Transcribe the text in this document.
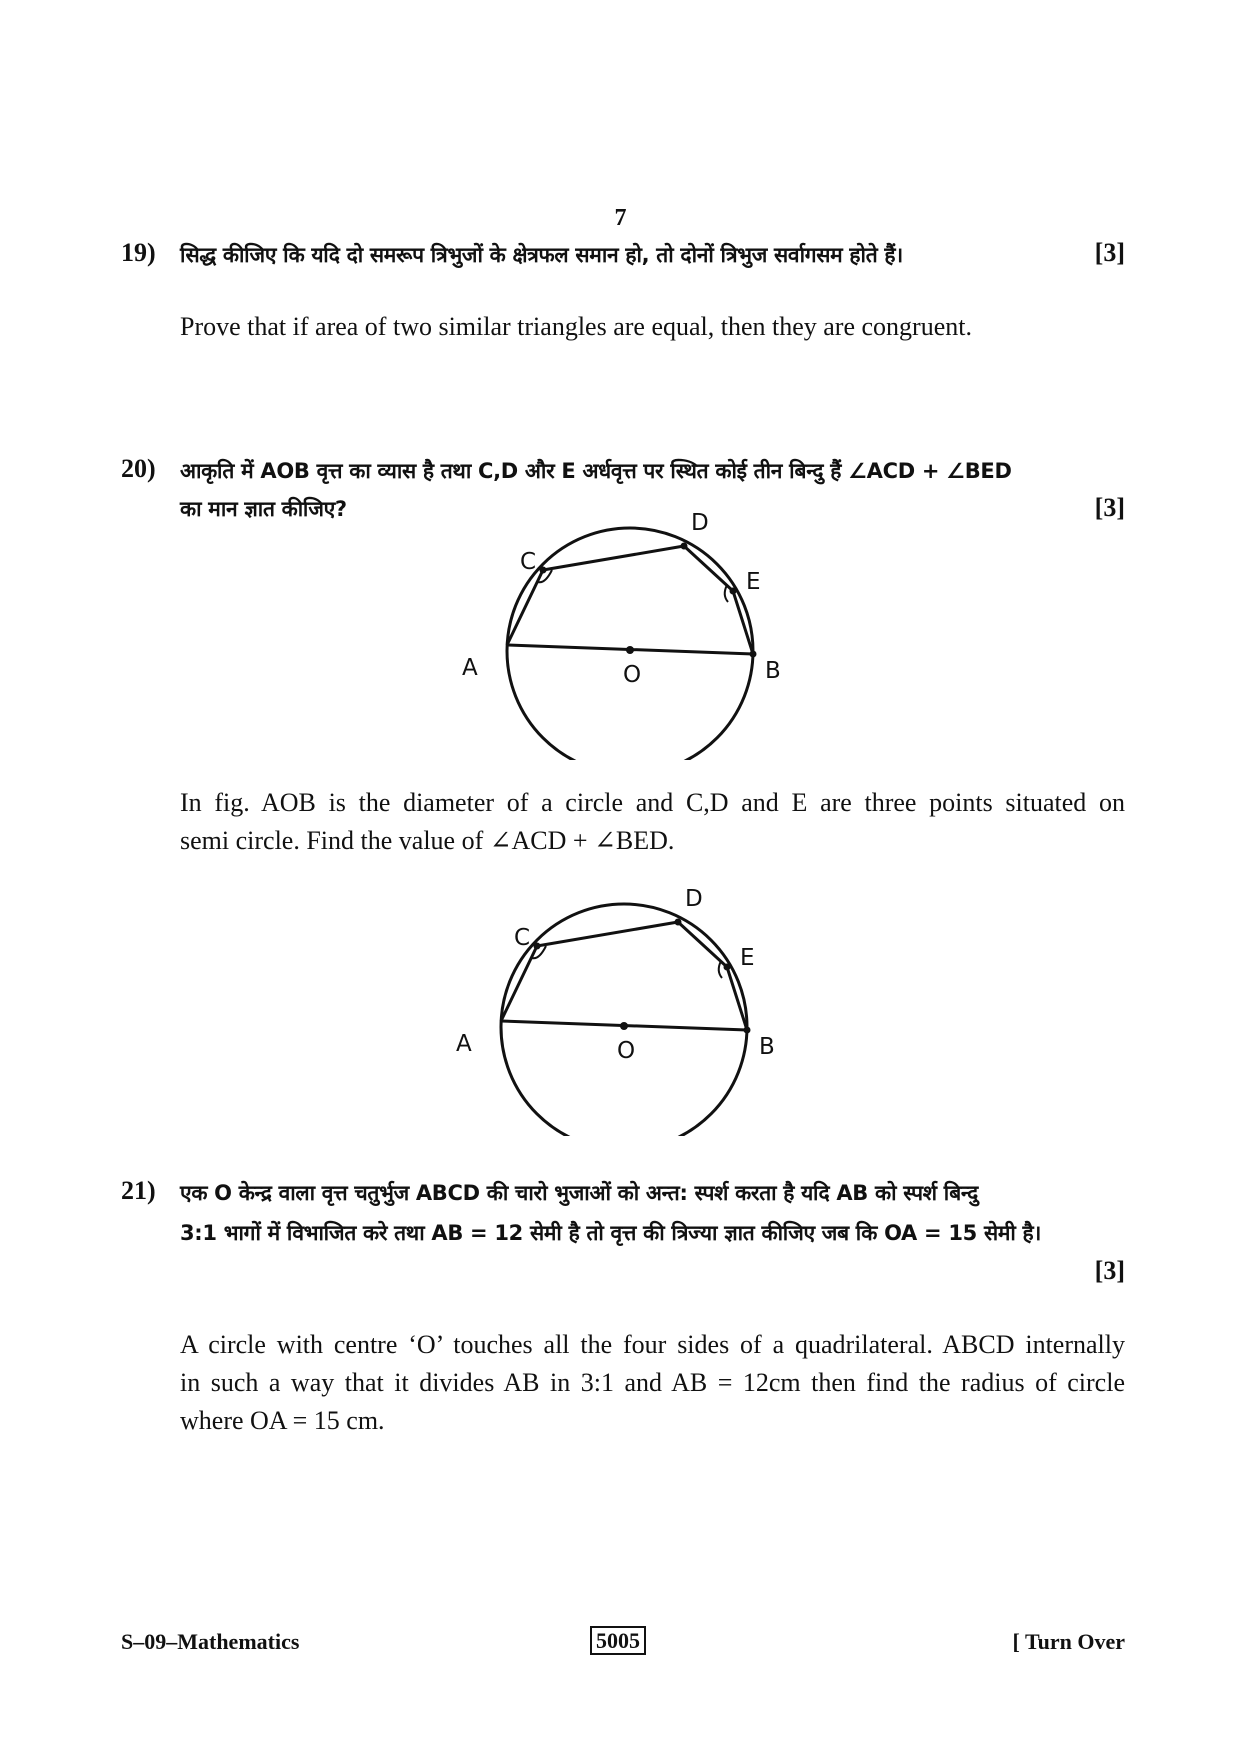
7
19) सिद्ध कीजिए कि यदि दो समरूप त्रिभुजों के क्षेत्रफल समान हो, तो दोनों त्रिभुज सर्वागसम होते हैं।	[3]
Prove that if area of two similar triangles are equal, then they are congruent.
20) आकृति में AOB वृत्त का व्यास है तथा C,D और E अर्धवृत्त पर स्थित कोई तीन बिन्दु हैं ∠ACD + ∠BED
का मान ज्ञात कीजिए?	[3]
C
D
E
A	O	B
In fig. AOB is the diameter of a circle and C,D and E are three points situated on
semi circle. Find the value of ∠ACD + ∠BED.
C
D
E
A	O	B
21) एक O केन्द्र वाला वृत्त चतुर्भुज ABCD की चारो भुजाओं को अन्त: स्पर्श करता है यदि AB को स्पर्श बिन्दु
3:1 भागों में विभाजित करे तथा AB = 12 सेमी है तो वृत्त की त्रिज्या ज्ञात कीजिए जब कि OA = 15 सेमी है।
[3]
A circle with centre ‘O’ touches all the four sides of a quadrilateral. ABCD internally
in such a way that it divides AB in 3:1 and AB = 12cm then find the radius of circle
where OA = 15 cm.
S–09–Mathematics	5005	[ Turn Over
